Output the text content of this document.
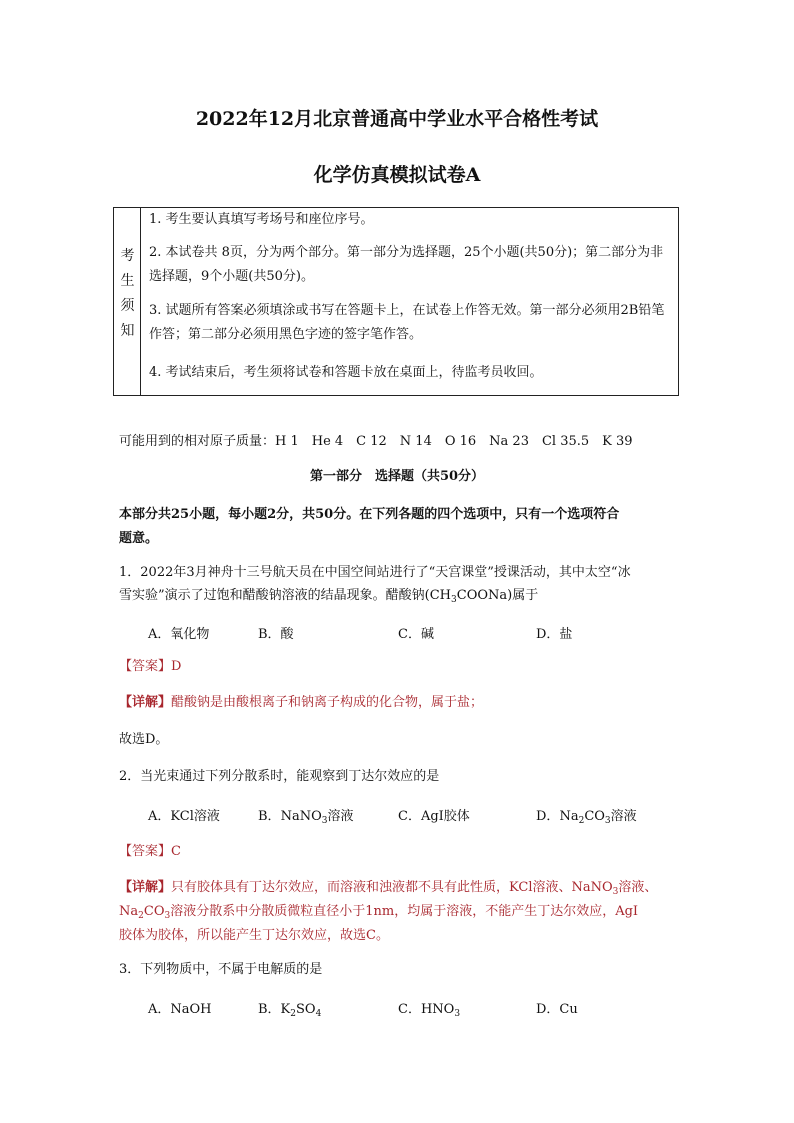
2022年12月北京普通高中学业水平合格性考试
化学仿真模拟试卷A
考
生
须
知
1. 考生要认真填写考场号和座位序号。
2. 本试卷共 8页，分为两个部分。第一部分为选择题，25个小题(共50分)；第二部分为非选择题，9个小题(共50分)。
3. 试题所有答案必须填涂或书写在答题卡上，在试卷上作答无效。第一部分必须用2B铅笔作答；第二部分必须用黑色字迹的签字笔作答。
4. 考试结束后，考生须将试卷和答题卡放在桌面上，待监考员收回。
可能用到的相对原子质量：H 1　He 4　C 12　N 14　O 16　Na 23　Cl 35.5　K 39
第一部分　选择题（共50分）
本部分共25小题，每小题2分，共50分。在下列各题的四个选项中，只有一个选项符合
题意。
1．2022年3月神舟十三号航天员在中国空间站进行了“天宫课堂”授课活动，其中太空“冰
雪实验”演示了过饱和醋酸钠溶液的结晶现象。醋酸钠$(CH_3COONa)$属于
A．氧化物	B．酸	C．碱	D．盐
【答案】D
【详解】醋酸钠是由酸根离子和钠离子构成的化合物，属于盐；
故选D。
2．当光束通过下列分散系时，能观察到丁达尔效应的是
A．KCl溶液	B．NaNO$_3$溶液	C．AgI胶体	D．$Na_2CO_3$溶液
【答案】C
【详解】只有胶体具有丁达尔效应，而溶液和浊液都不具有此性质，KCl溶液、NaNO$_3$溶液、
$Na_2CO_3$溶液分散系中分散质微粒直径小于1nm，均属于溶液，不能产生丁达尔效应，AgI
胶体为胶体，所以能产生丁达尔效应，故选C。
3．下列物质中，不属于电解质的是
A．NaOH	B．$K_2SO_4$	C．$HNO_3$	D．Cu
